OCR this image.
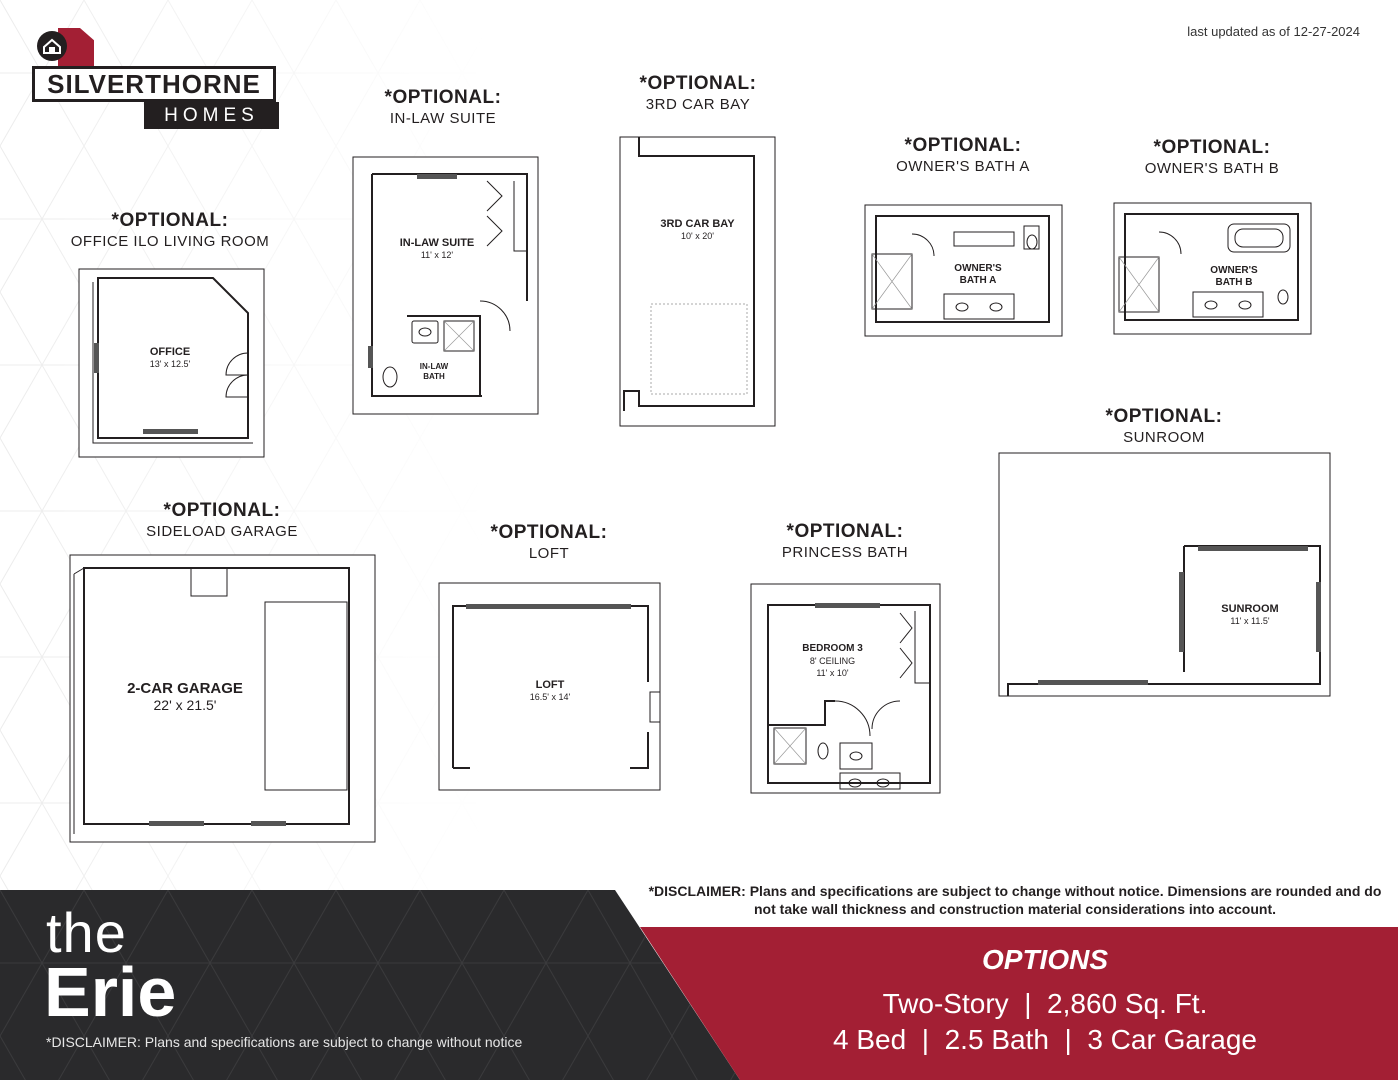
SILVERTHORNE
HOMES
last updated as of 12-27-2024
*OPTIONAL:
OFFICE ILO LIVING ROOM
*OPTIONAL:
IN-LAW SUITE
*OPTIONAL:
3RD CAR BAY
*OPTIONAL:
OWNER'S BATH A
*OPTIONAL:
OWNER'S BATH B
*OPTIONAL:
SUNROOM
*OPTIONAL:
SIDELOAD GARAGE	*OPTIONAL:
LOFT
*OPTIONAL:
PRINCESS BATH
OFFICE
13' x 12.5'
IN-LAW SUITE
11' x 12'
IN-LAW
BATH
3RD CAR BAY
10' x 20'
OWNER'S
BATH A
OWNER'S
BATH B
SUNROOM
11' x 11.5'
2-CAR GARAGE
22' x 21.5'
LOFT
16.5' x 14'
BEDROOM 3
8' CEILING
11' x 10'
*DISCLAIMER: Plans and specifications are subject to change without notice. Dimensions are rounded and do not take wall thickness and construction material considerations into account.
the
Erie
*DISCLAIMER: Plans and specifications are subject to change without notice
OPTIONS
Two-Story  |  2,860 Sq. Ft.
4 Bed  |  2.5 Bath  |  3 Car Garage
